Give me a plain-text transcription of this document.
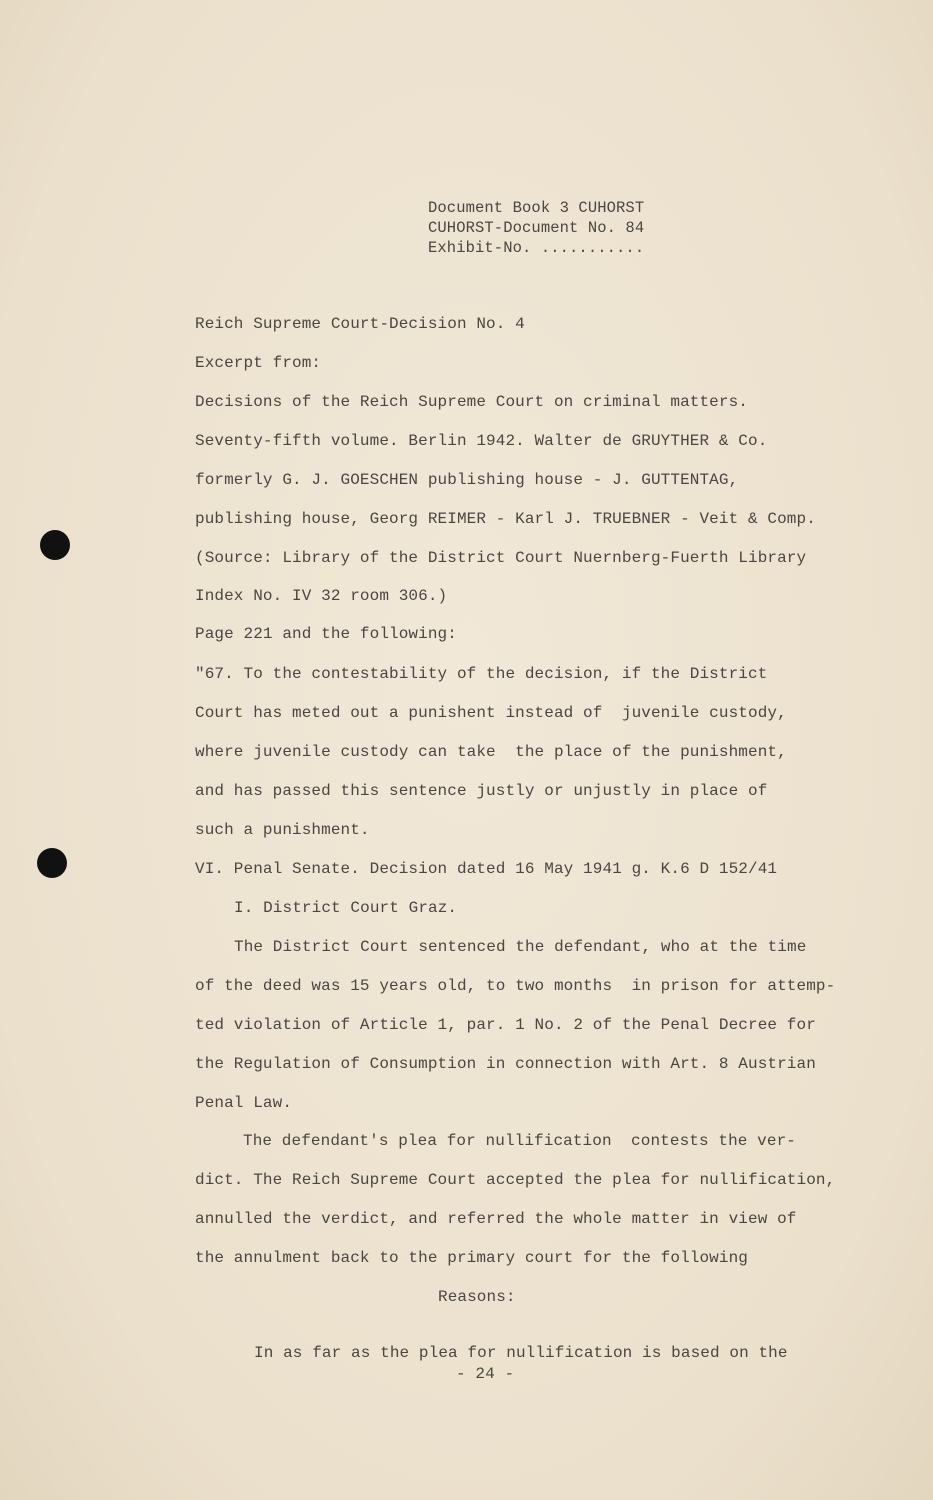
Document Book 3 CUHORST
CUHORST-Document No. 84
Exhibit-No. ...........
Reich Supreme Court-Decision No. 4
Excerpt from:
Decisions of the Reich Supreme Court on criminal matters.
Seventy-fifth volume. Berlin 1942. Walter de GRUYTHER & Co.
formerly G. J. GOESCHEN publishing house - J. GUTTENTAG,
publishing house, Georg REIMER - Karl J. TRUEBNER - Veit & Comp.
(Source: Library of the District Court Nuernberg-Fuerth Library
Index No. IV 32 room 306.)
Page 221 and the following:
"67. To the contestability of the decision, if the District
Court has meted out a punishent instead of  juvenile custody,
where juvenile custody can take  the place of the punishment,
and has passed this sentence justly or unjustly in place of
such a punishment.
VI. Penal Senate. Decision dated 16 May 1941 g. K.6 D 152/41
I. District Court Graz.
The District Court sentenced the defendant, who at the time
of the deed was 15 years old, to two months  in prison for attemp-
ted violation of Article 1, par. 1 No. 2 of the Penal Decree for
the Regulation of Consumption in connection with Art. 8 Austrian
Penal Law.
The defendant's plea for nullification  contests the ver-
dict. The Reich Supreme Court accepted the plea for nullification,
annulled the verdict, and referred the whole matter in view of
the annulment back to the primary court for the following
Reasons:
In as far as the plea for nullification is based on the
- 24 -
